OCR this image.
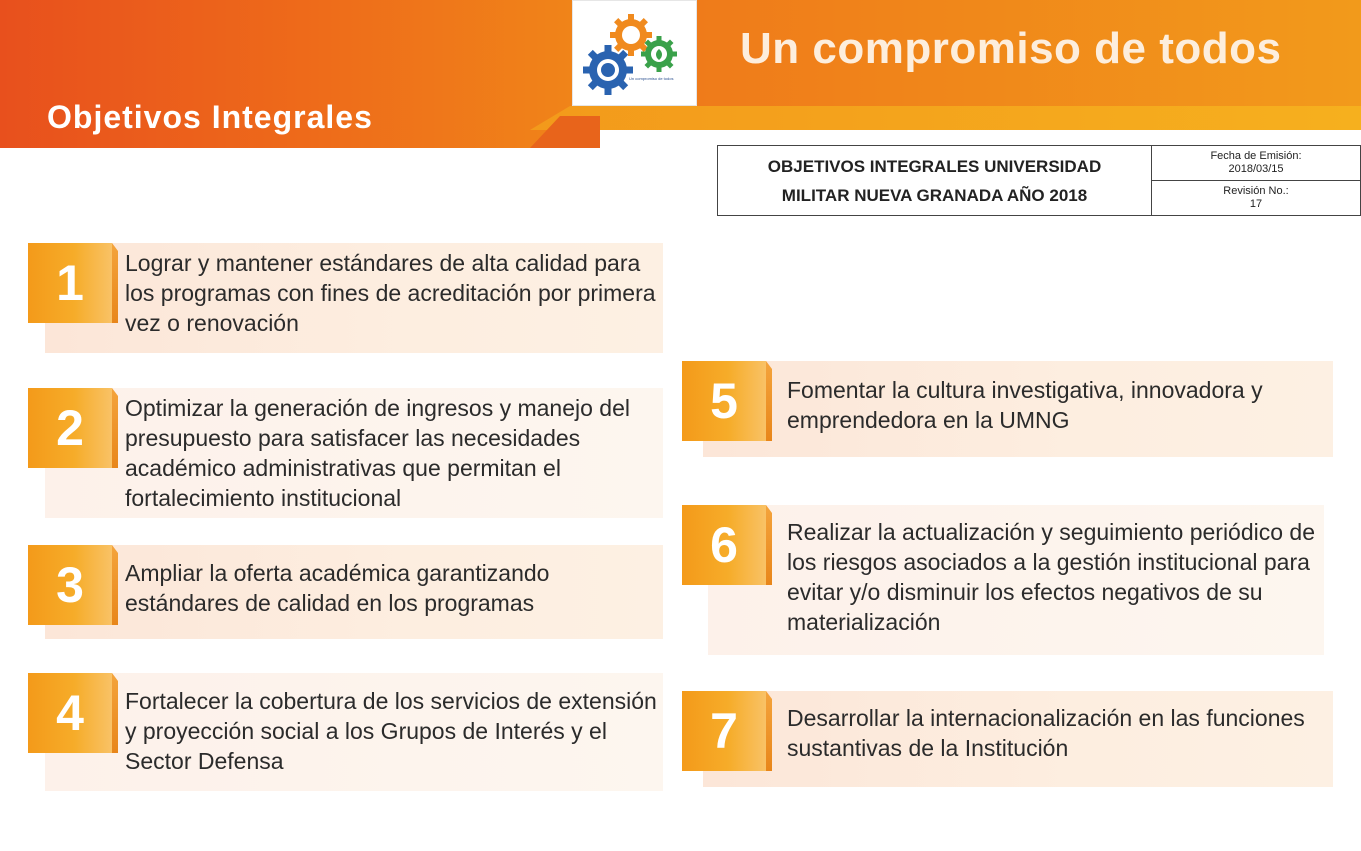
Un compromiso de todos
Un compromiso de todos
Objetivos Integrales
OBJETIVOS INTEGRALES UNIVERSIDAD
MILITAR NUEVA GRANADA AÑO 2018
Fecha de Emisión:
2018/03/15
Revisión No.:
17
1	Lograr y mantener estándares de alta calidad para los programas con fines de acreditación por primera vez o renovación
2	Optimizar la generación de ingresos y manejo del presupuesto para satisfacer las necesidades académico administrativas que permitan el fortalecimiento institucional
3	Ampliar la oferta académica garantizando estándares de calidad en los programas
4	Fortalecer la cobertura de los servicios de extensión y proyección social a los Grupos de Interés y el Sector Defensa
5	Fomentar la cultura investigativa, innovadora y emprendedora en la UMNG
6	Realizar la actualización y seguimiento periódico de los riesgos asociados a la gestión institucional para evitar y/o disminuir los efectos negativos de su materialización
7	Desarrollar la internacionalización en las funciones sustantivas de la Institución
